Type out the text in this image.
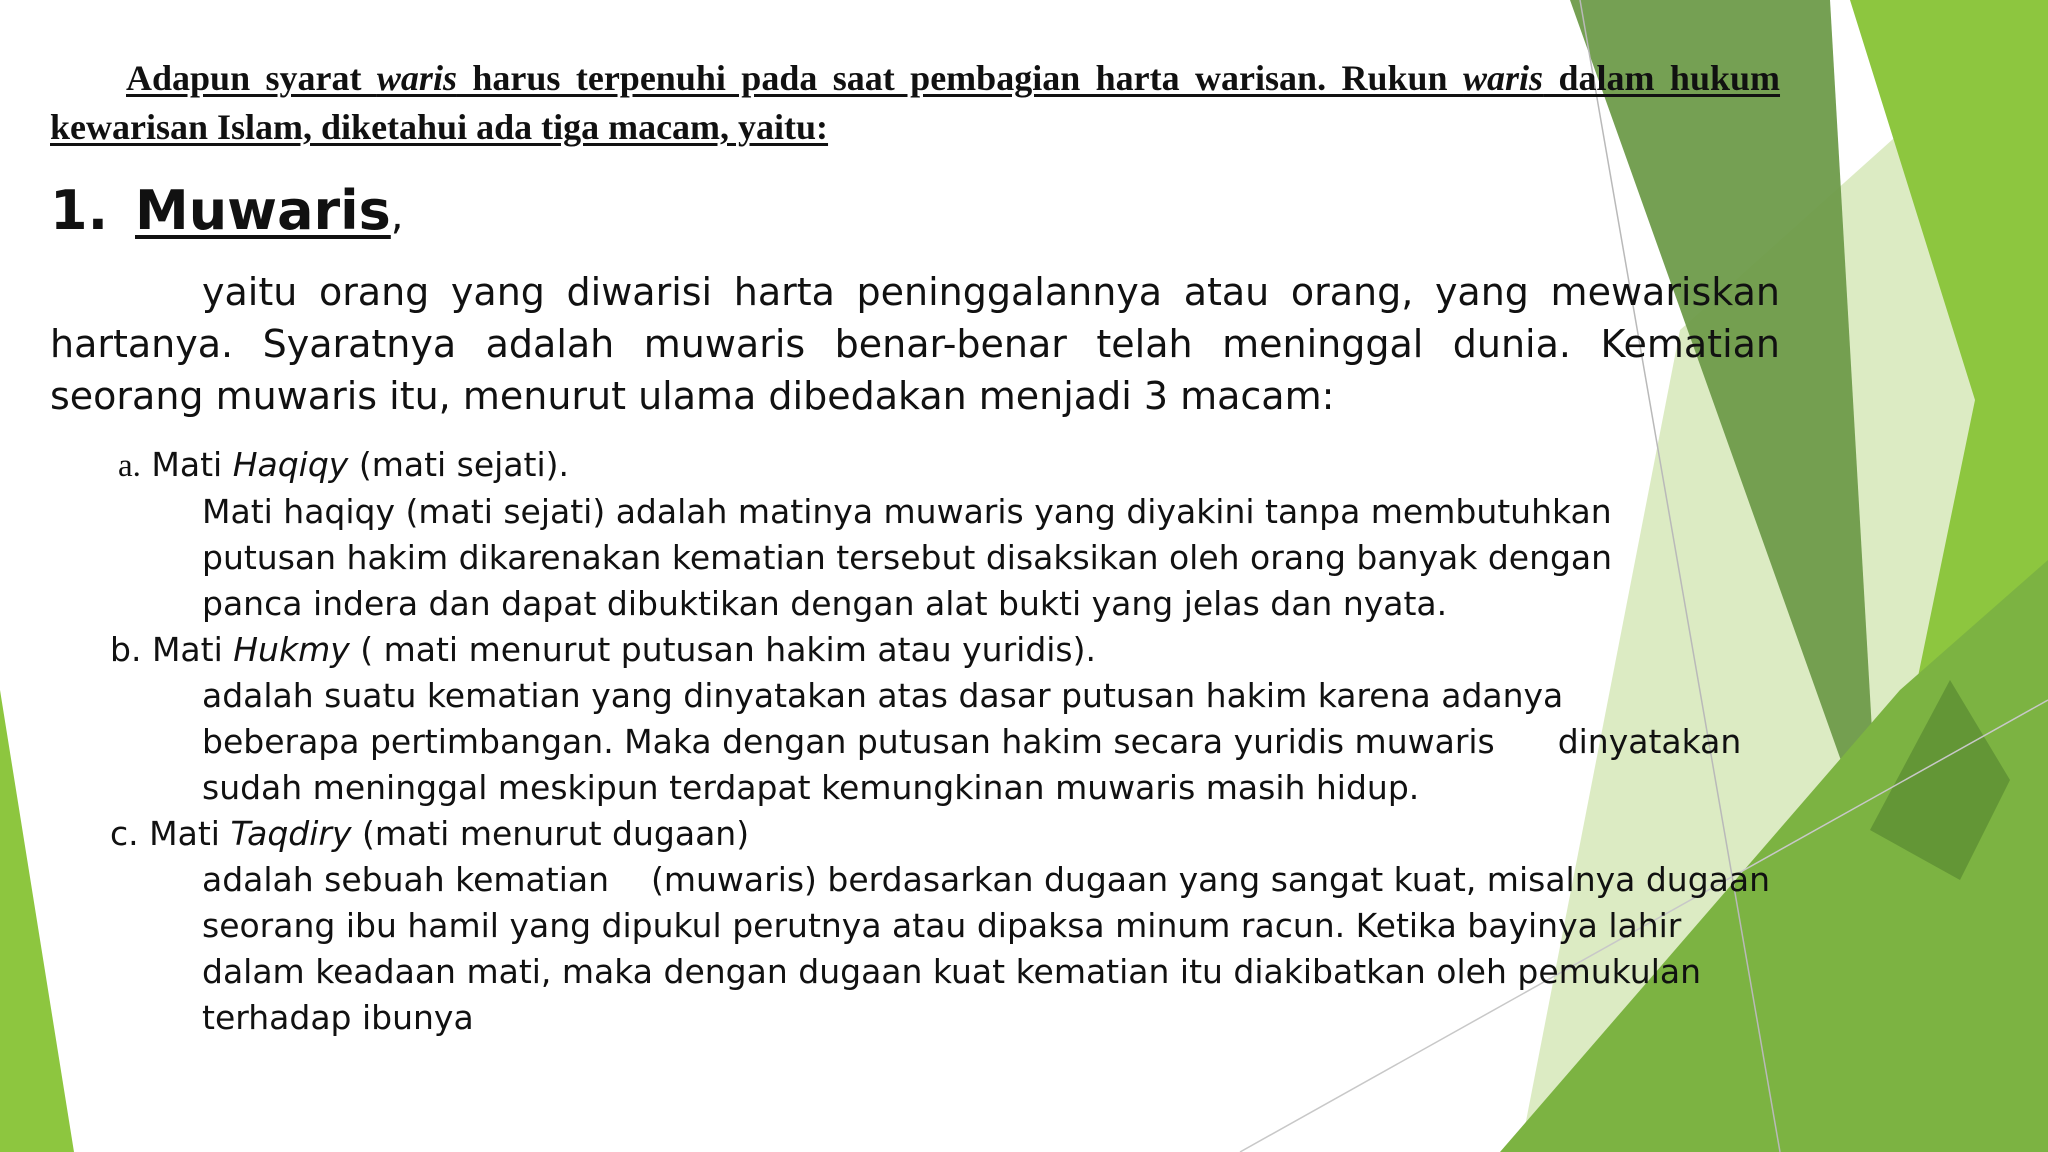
Adapun syarat waris harus terpenuhi pada saat pembagian harta warisan. Rukun waris dalam hukum kewarisan Islam, diketahui ada tiga macam, yaitu:

1. Muwaris,

yaitu orang yang diwarisi harta peninggalannya atau orang, yang mewariskan hartanya. Syaratnya adalah muwaris benar-benar telah meninggal dunia. Kematian seorang muwaris itu, menurut ulama dibedakan menjadi 3 macam:

a. Mati Haqiqy (mati sejati).
Mati haqiqy (mati sejati) adalah matinya muwaris yang diyakini tanpa membutuhkan
putusan hakim dikarenakan kematian tersebut disaksikan oleh orang banyak dengan
panca indera dan dapat dibuktikan dengan alat bukti yang jelas dan nyata.
b. Mati Hukmy ( mati menurut putusan hakim atau yuridis).
adalah suatu kematian yang dinyatakan atas dasar putusan hakim karena adanya
beberapa pertimbangan. Maka dengan putusan hakim secara yuridis muwaris      dinyatakan
sudah meninggal meskipun terdapat kemungkinan muwaris masih hidup.
c. Mati Taqdiry (mati menurut dugaan)
adalah sebuah kematian    (muwaris) berdasarkan dugaan yang sangat kuat, misalnya dugaan
seorang ibu hamil yang dipukul perutnya atau dipaksa minum racun. Ketika bayinya lahir
dalam keadaan mati, maka dengan dugaan kuat kematian itu diakibatkan oleh pemukulan
terhadap ibunya
